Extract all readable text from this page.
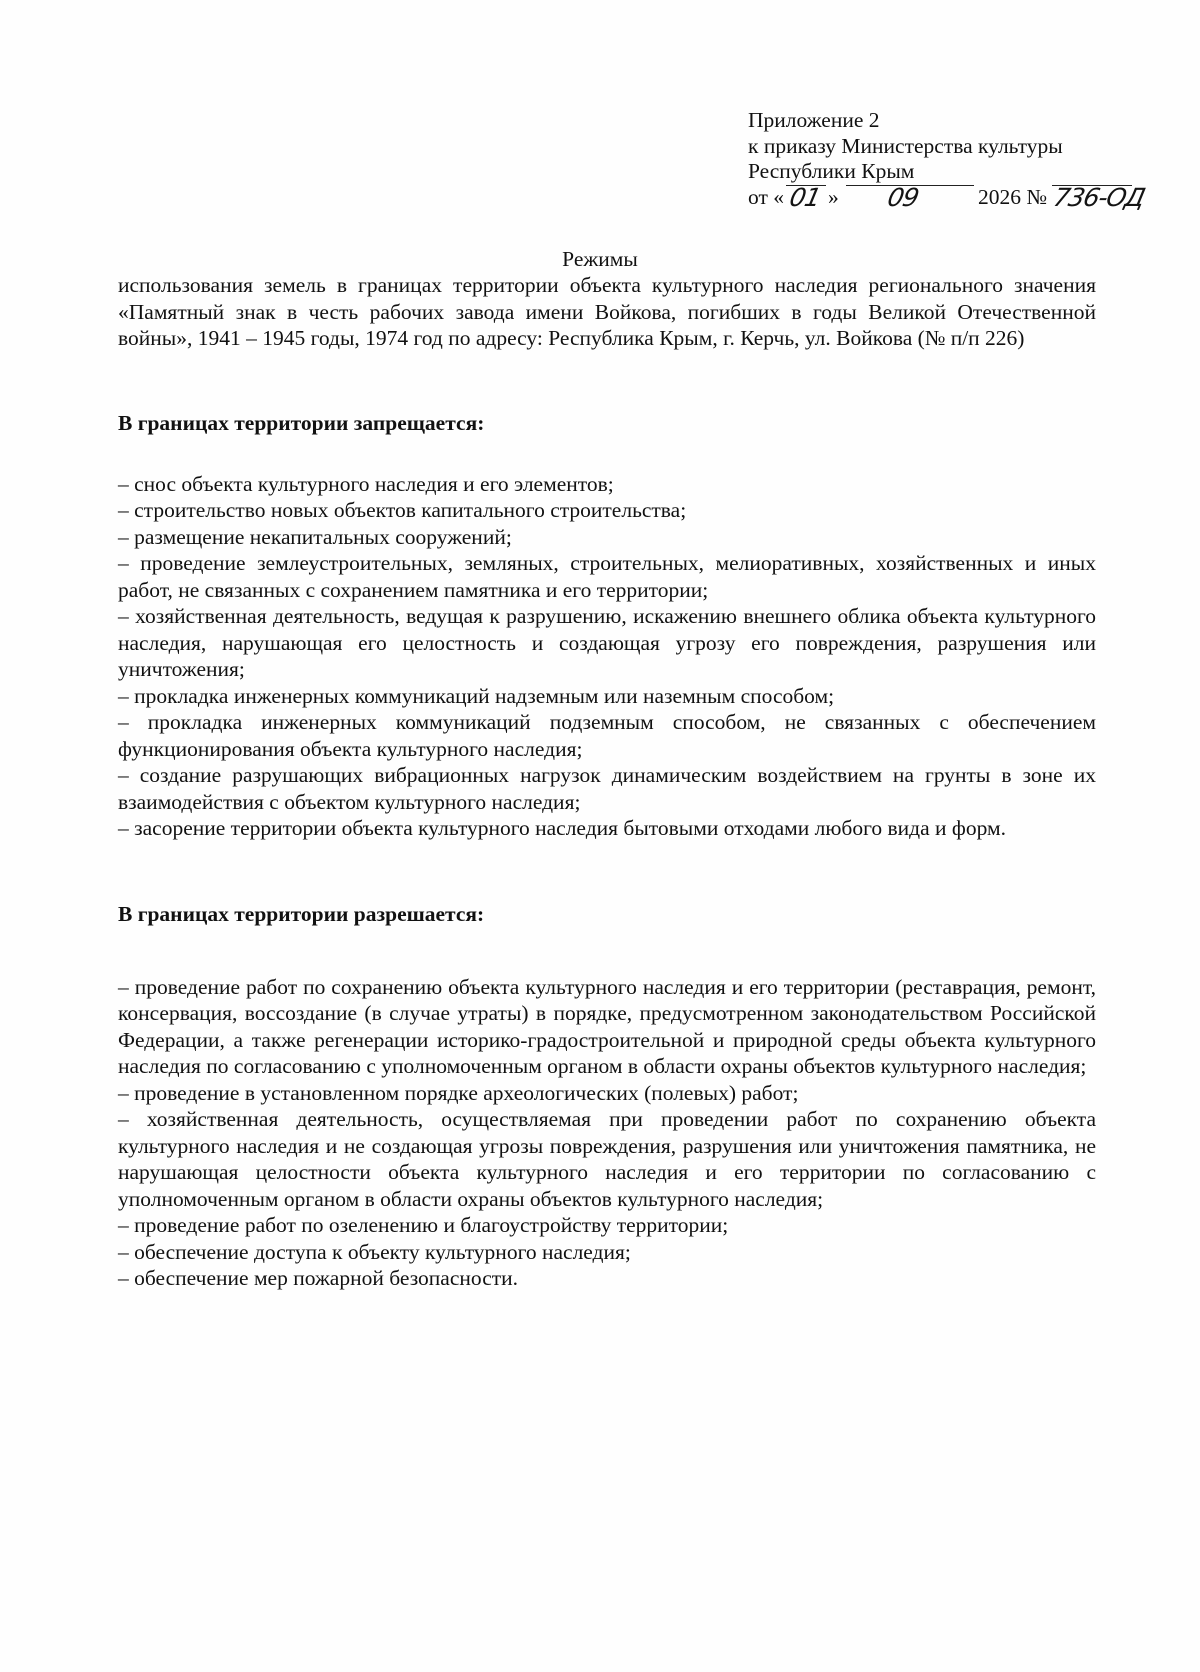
Приложение 2
к приказу Министерства культуры
Республики Крым
от « 01 » 09	2026 № 736-ОД
Режимы
использования земель в границах территории объекта культурного наследия регионального значения «Памятный знак в честь рабочих завода имени Войкова, погибших в годы Великой Отечественной войны», 1941 – 1945 годы, 1974 год по адресу: Республика Крым, г. Керчь, ул. Войкова (№ п/п 226)

В границах территории запрещается:

– снос объекта культурного наследия и его элементов;
– строительство новых объектов капитального строительства;
– размещение некапитальных сооружений;
– проведение землеустроительных, земляных, строительных, мелиоративных, хозяйственных и иных работ, не связанных с сохранением памятника и его территории;
– хозяйственная деятельность, ведущая к разрушению, искажению внешнего облика объекта культурного наследия, нарушающая его целостность и создающая угрозу его повреждения, разрушения или уничтожения;
– прокладка инженерных коммуникаций надземным или наземным способом;
– прокладка инженерных коммуникаций подземным способом, не связанных с обеспечением функционирования объекта культурного наследия;
– создание разрушающих вибрационных нагрузок динамическим воздействием на грунты в зоне их взаимодействия с объектом культурного наследия;
– засорение территории объекта культурного наследия бытовыми отходами любого вида и форм.

В границах территории разрешается:

– проведение работ по сохранению объекта культурного наследия и его территории (реставрация, ремонт, консервация, воссоздание (в случае утраты) в порядке, предусмотренном законодательством Российской Федерации, а также регенерации историко-градостроительной и природной среды объекта культурного наследия по согласованию с уполномоченным органом в области охраны объектов культурного наследия;
– проведение в установленном порядке археологических (полевых) работ;
– хозяйственная деятельность, осуществляемая при проведении работ по сохранению объекта культурного наследия и не создающая угрозы повреждения, разрушения или уничтожения памятника, не нарушающая целостности объекта культурного наследия и его территории по согласованию с уполномоченным органом в области охраны объектов культурного наследия;
– проведение работ по озеленению и благоустройству территории;
– обеспечение доступа к объекту культурного наследия;
– обеспечение мер пожарной безопасности.
